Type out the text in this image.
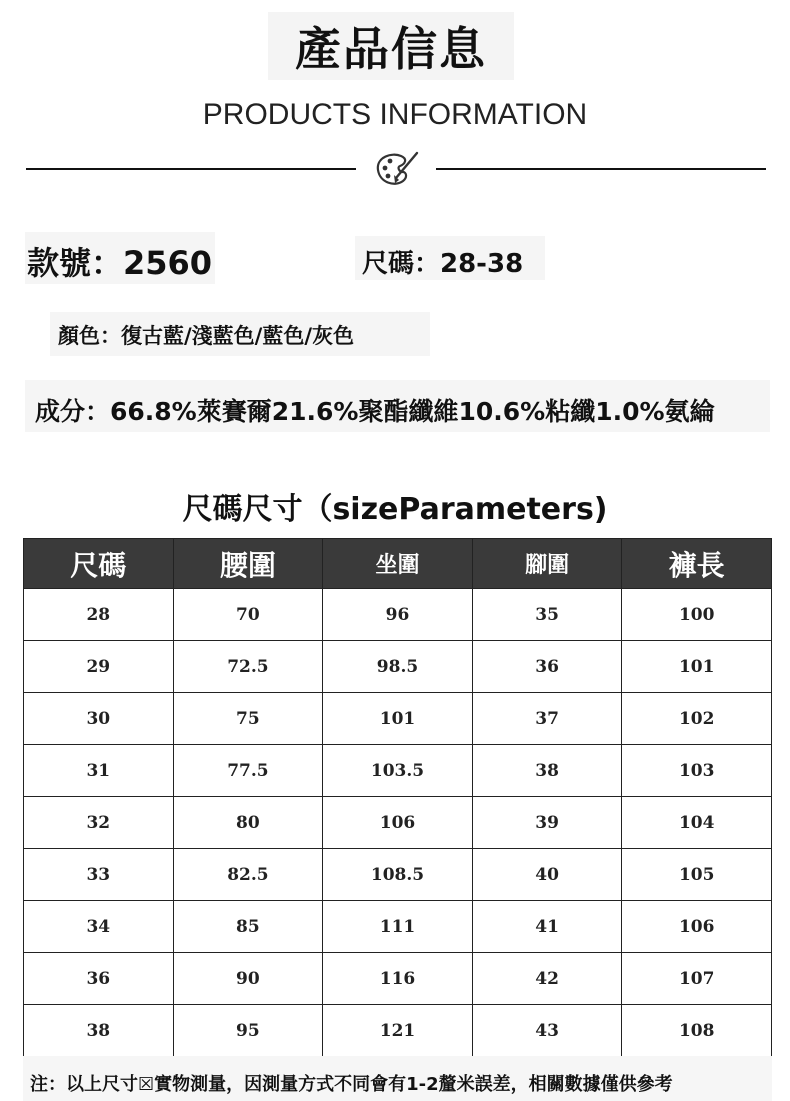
產品信息
PRODUCTS INFORMATION
款號：2560	尺碼：28-38
顏色：復古藍/淺藍色/藍色/灰色
成分：66.8%萊賽爾21.6%聚酯纖維10.6%粘纖1.0%氨綸
尺碼尺寸（sizeParameters)
尺碼	腰圍	坐圍	腳圍	褲長
28	70	96	35	100
29	72.5	98.5	36	101
30	75	101	37	102
31	77.5	103.5	38	103
32	80	106	39	104
33	82.5	108.5	40	105
34	85	111	41	106
36	90	116	42	107
38	95	121	43	108
注：以上尺寸☒實物測量，因測量方式不同會有1-2釐米誤差，相關數據僅供參考
